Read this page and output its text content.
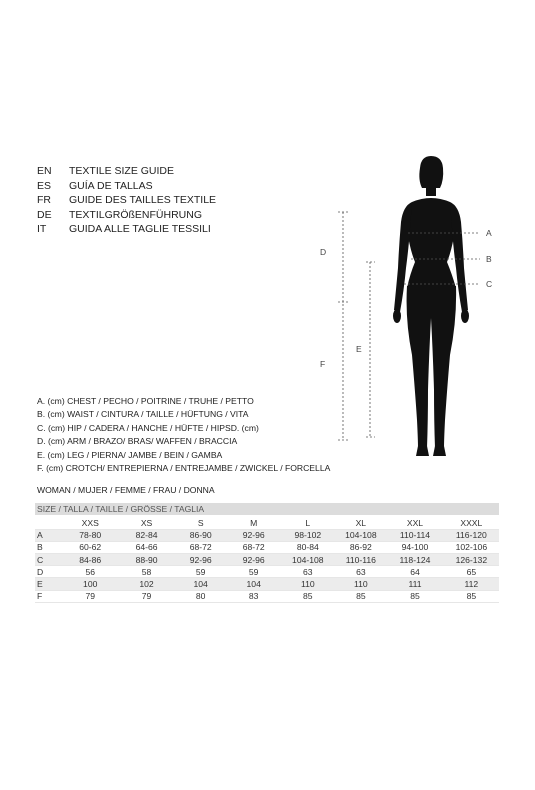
EN	TEXTILE SIZE GUIDE
ES	GUÍA DE TALLAS
FR	GUIDE DES TAILLES TEXTILE
DE	TEXTILGRÖßENFÜHRUNG
IT	GUIDA ALLE TAGLIE TESSILI	A
B
C
D
E
F
A. (cm) CHEST / PECHO / POITRINE / TRUHE / PETTO
B. (cm) WAIST / CINTURA / TAILLE / HÜFTUNG / VITA
C. (cm) HIP / CADERA / HANCHE / HÜFTE / HIPSD. (cm)
D. (cm) ARM / BRAZO/ BRAS/ WAFFEN / BRACCIA
E. (cm) LEG / PIERNA/ JAMBE / BEIN / GAMBA
F. (cm) CROTCH/ ENTREPIERNA / ENTREJAMBE / ZWICKEL / FORCELLA
WOMAN / MUJER / FEMME / FRAU / DONNA
SIZE / TALLA / TAILLE / GRÖSSE / TAGLIA
	XXS	XS	S	M	L	XL	XXL	XXXL
A	78-80	82-84	86-90	92-96	98-102	104-108	110-114	116-120
B	60-62	64-66	68-72	68-72	80-84	86-92	94-100	102-106
C	84-86	88-90	92-96	92-96	104-108	110-116	118-124	126-132
D	56	58	59	59	63	63	64	65
E	100	102	104	104	110	110	111	112
F	79	79	80	83	85	85	85	85
